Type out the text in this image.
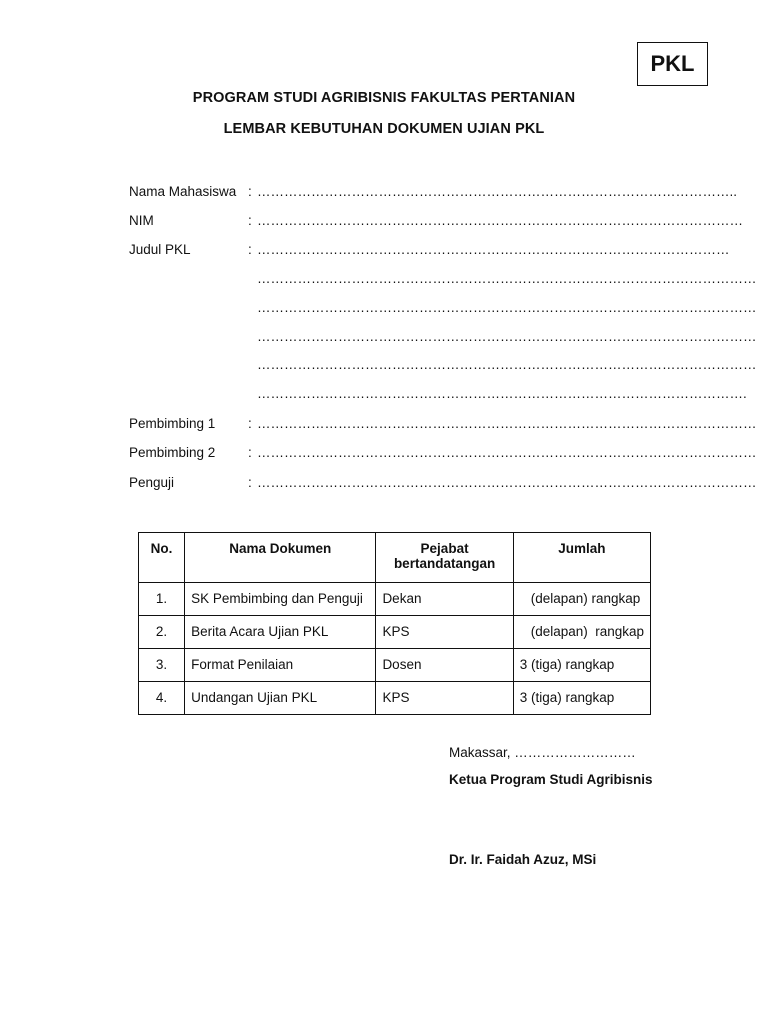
PKL
PROGRAM STUDI AGRIBISNIS FAKULTAS PERTANIAN
LEMBAR KEBUTUHAN DOKUMEN UJIAN PKL
Nama Mahasiswa : ……………………………………………………………………………………………..
NIM	: ………………………………………………………………………………………………
Judul PKL	: ……………………………………………………………………………………………
…………………………………………………………………………………………………
…………………………………………………………………………………………………
…………………………………………………………………………………………………
…………………………………………………………………………………………………
……………………………………………………………………………………………….
Pembimbing 1	: …………………………………………………………………………………………………
Pembimbing 2	: …………………………………………………………………………………………………
Penguji	: …………………………………………………………………………………………………
No.	Nama Dokumen	Pejabat
bertandatangan	Jumlah
1.	SK Pembimbing dan Penguji	Dekan	(delapan) rangkap
2.	Berita Acara Ujian PKL	KPS	(delapan)  rangkap
3.	Format Penilaian	Dosen	3 (tiga) rangkap
4.	Undangan Ujian PKL	KPS	3 (tiga) rangkap
Makassar, ………………………
Ketua Program Studi Agribisnis
Dr. Ir. Faidah Azuz, MSi
